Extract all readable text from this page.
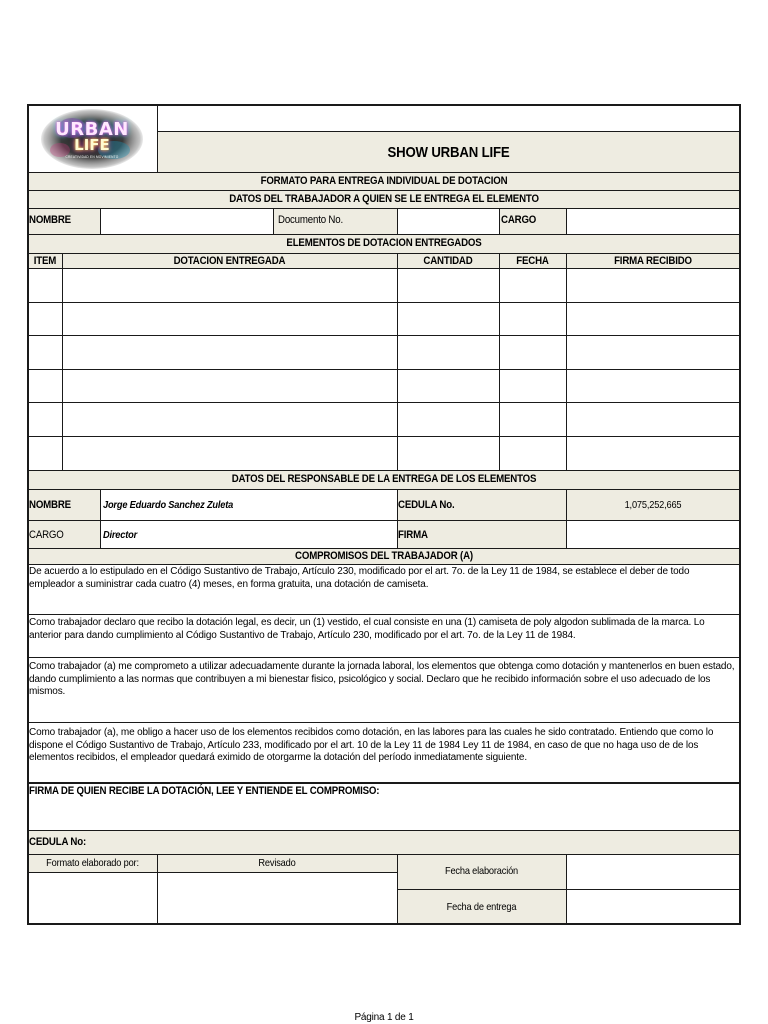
URBAN
LIFE
CREATIVIDAD EN MOVIMIENTO	SHOW URBAN LIFE
FORMATO PARA ENTREGA INDIVIDUAL DE DOTACION
DATOS DEL TRABAJADOR A QUIEN SE LE ENTREGA EL ELEMENTO
NOMBRE	Documento No.	CARGO
ELEMENTOS DE DOTACION ENTREGADOS
ITEM	DOTACION ENTREGADA	CANTIDAD	FECHA	FIRMA RECIBIDO
DATOS DEL RESPONSABLE DE LA ENTREGA DE LOS ELEMENTOS
NOMBRE	Jorge Eduardo Sanchez Zuleta	CEDULA No.	1,075,252,665
CARGO	Director	FIRMA
COMPROMISOS DEL TRABAJADOR (A)
De acuerdo a lo estipulado en el Código Sustantivo de Trabajo, Artículo 230, modificado por el art. 7o. de la Ley 11 de 1984, se establece el deber de todo empleador a suministrar cada cuatro (4) meses, en forma gratuita, una dotación de camiseta.
Como trabajador declaro que recibo la dotación legal, es decir, un (1) vestido, el cual consiste en una (1) camiseta de poly algodon sublimada de la marca. Lo anterior para dando cumplimiento al Código Sustantivo de Trabajo, Artículo 230, modificado por el art. 7o. de la Ley 11 de 1984.
Como trabajador (a) me comprometo a utilizar adecuadamente durante la jornada laboral, los elementos que obtenga como dotación y mantenerlos en buen estado, dando cumplimiento a las normas que contribuyen a mi bienestar fisico, psicológico y social. Declaro que he recibido información sobre el uso adecuado de los mismos.
Como trabajador (a), me obligo a hacer uso de los elementos recibidos como dotación, en las labores para las cuales he sido contratado. Entiendo que como lo dispone el Código Sustantivo de Trabajo, Artículo 233, modificado por el art. 10 de la Ley 11 de 1984 Ley 11 de 1984, en caso de que no haga uso de de los elementos recibidos, el empleador quedará eximido de otorgarme la dotación del período inmediatamente siguiente.
FIRMA DE QUIEN RECIBE LA DOTACIÓN, LEE Y ENTIENDE EL COMPROMISO:
CEDULA No:
Formato elaborado por:	Revisado
Fecha elaboración
Fecha de entrega
Página 1 de 1
